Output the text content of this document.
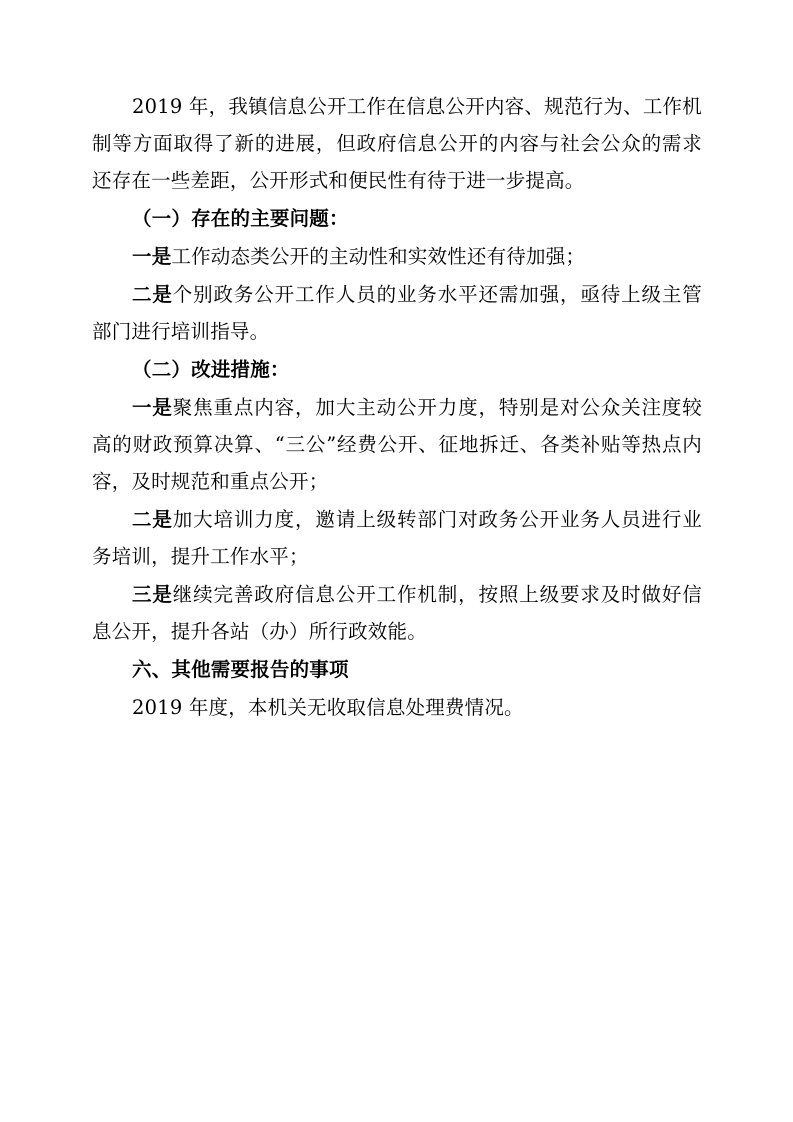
2019 年，我镇信息公开工作在信息公开内容、规范行为、工作机制等方面取得了新的进展，但政府信息公开的内容与社会公众的需求还存在一些差距，公开形式和便民性有待于进一步提高。

（一）存在的主要问题：

一是工作动态类公开的主动性和实效性还有待加强；

二是个别政务公开工作人员的业务水平还需加强，亟待上级主管部门进行培训指导。

（二）改进措施：

一是聚焦重点内容，加大主动公开力度，特别是对公众关注度较高的财政预算决算、“三公”经费公开、征地拆迁、各类补贴等热点内容，及时规范和重点公开；

二是加大培训力度，邀请上级转部门对政务公开业务人员进行业务培训，提升工作水平；

三是继续完善政府信息公开工作机制，按照上级要求及时做好信息公开，提升各站（办）所行政效能。

六、其他需要报告的事项

2019 年度，本机关无收取信息处理费情况。
